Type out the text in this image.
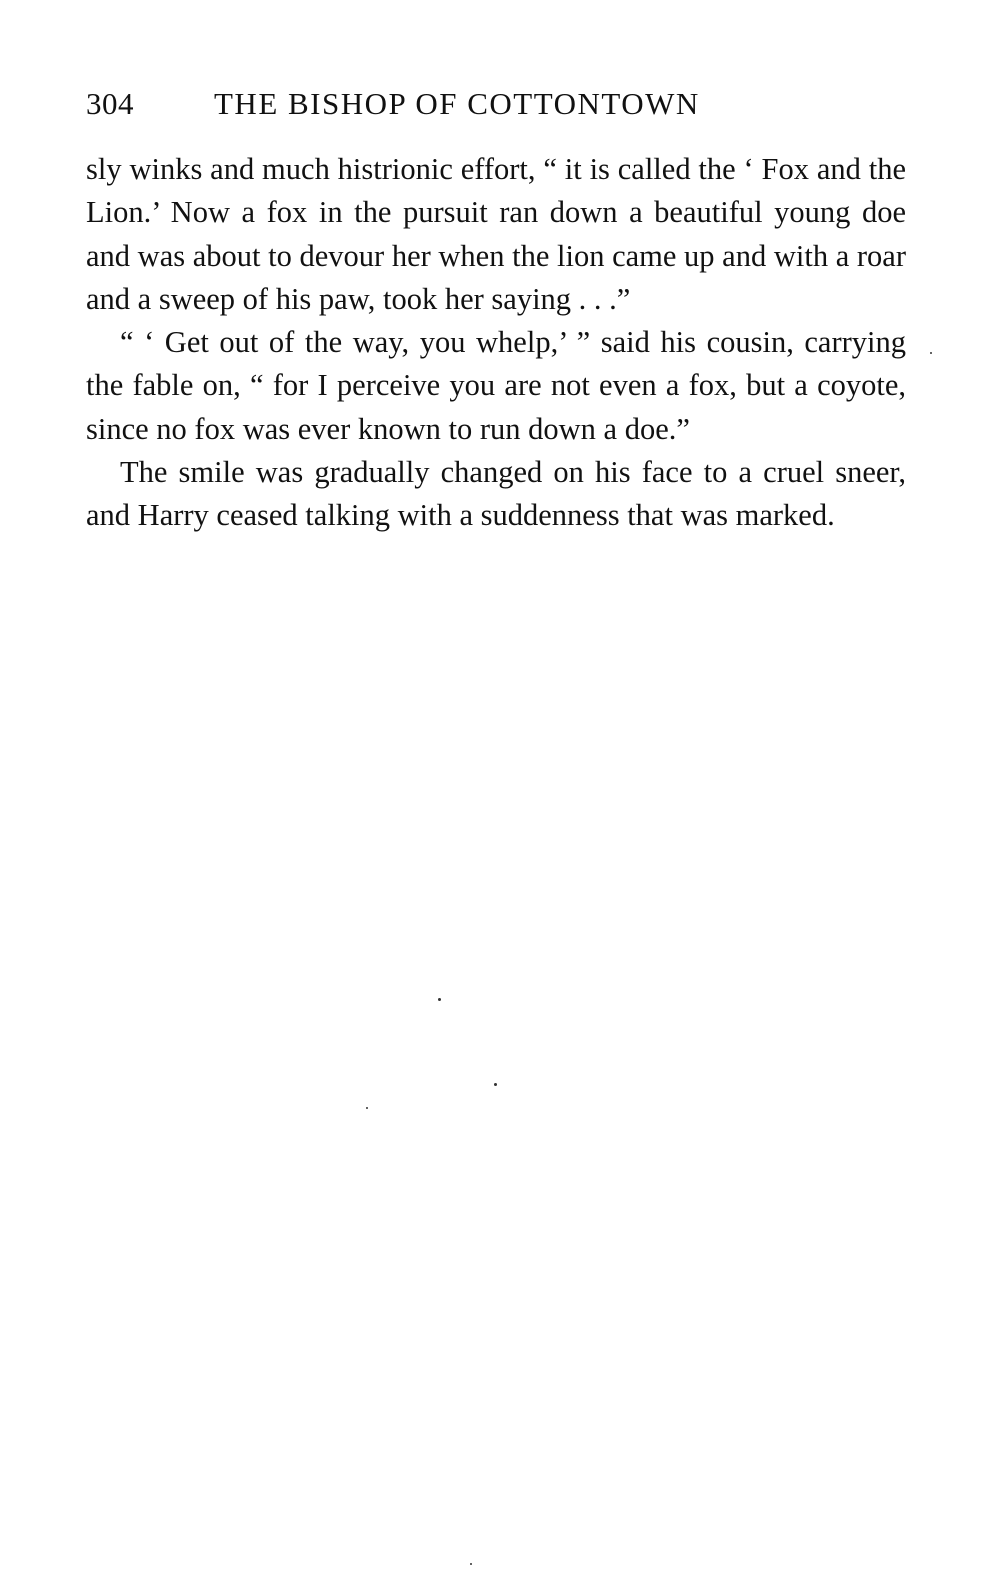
304	THE BISHOP OF COTTONTOWN

sly winks and much histrionic effort, “ it is called the ‘ Fox and the Lion.’ Now a fox in the pursuit ran down a beautiful young doe and was about to devour her when the lion came up and with a roar and a sweep of his paw, took her saying . . .”

“ ‘ Get out of the way, you whelp,’ ” said his cousin, carrying the fable on, “ for I perceive you are not even a fox, but a coyote, since no fox was ever known to run down a doe.”

The smile was gradually changed on his face to a cruel sneer, and Harry ceased talking with a suddenness that was marked.
